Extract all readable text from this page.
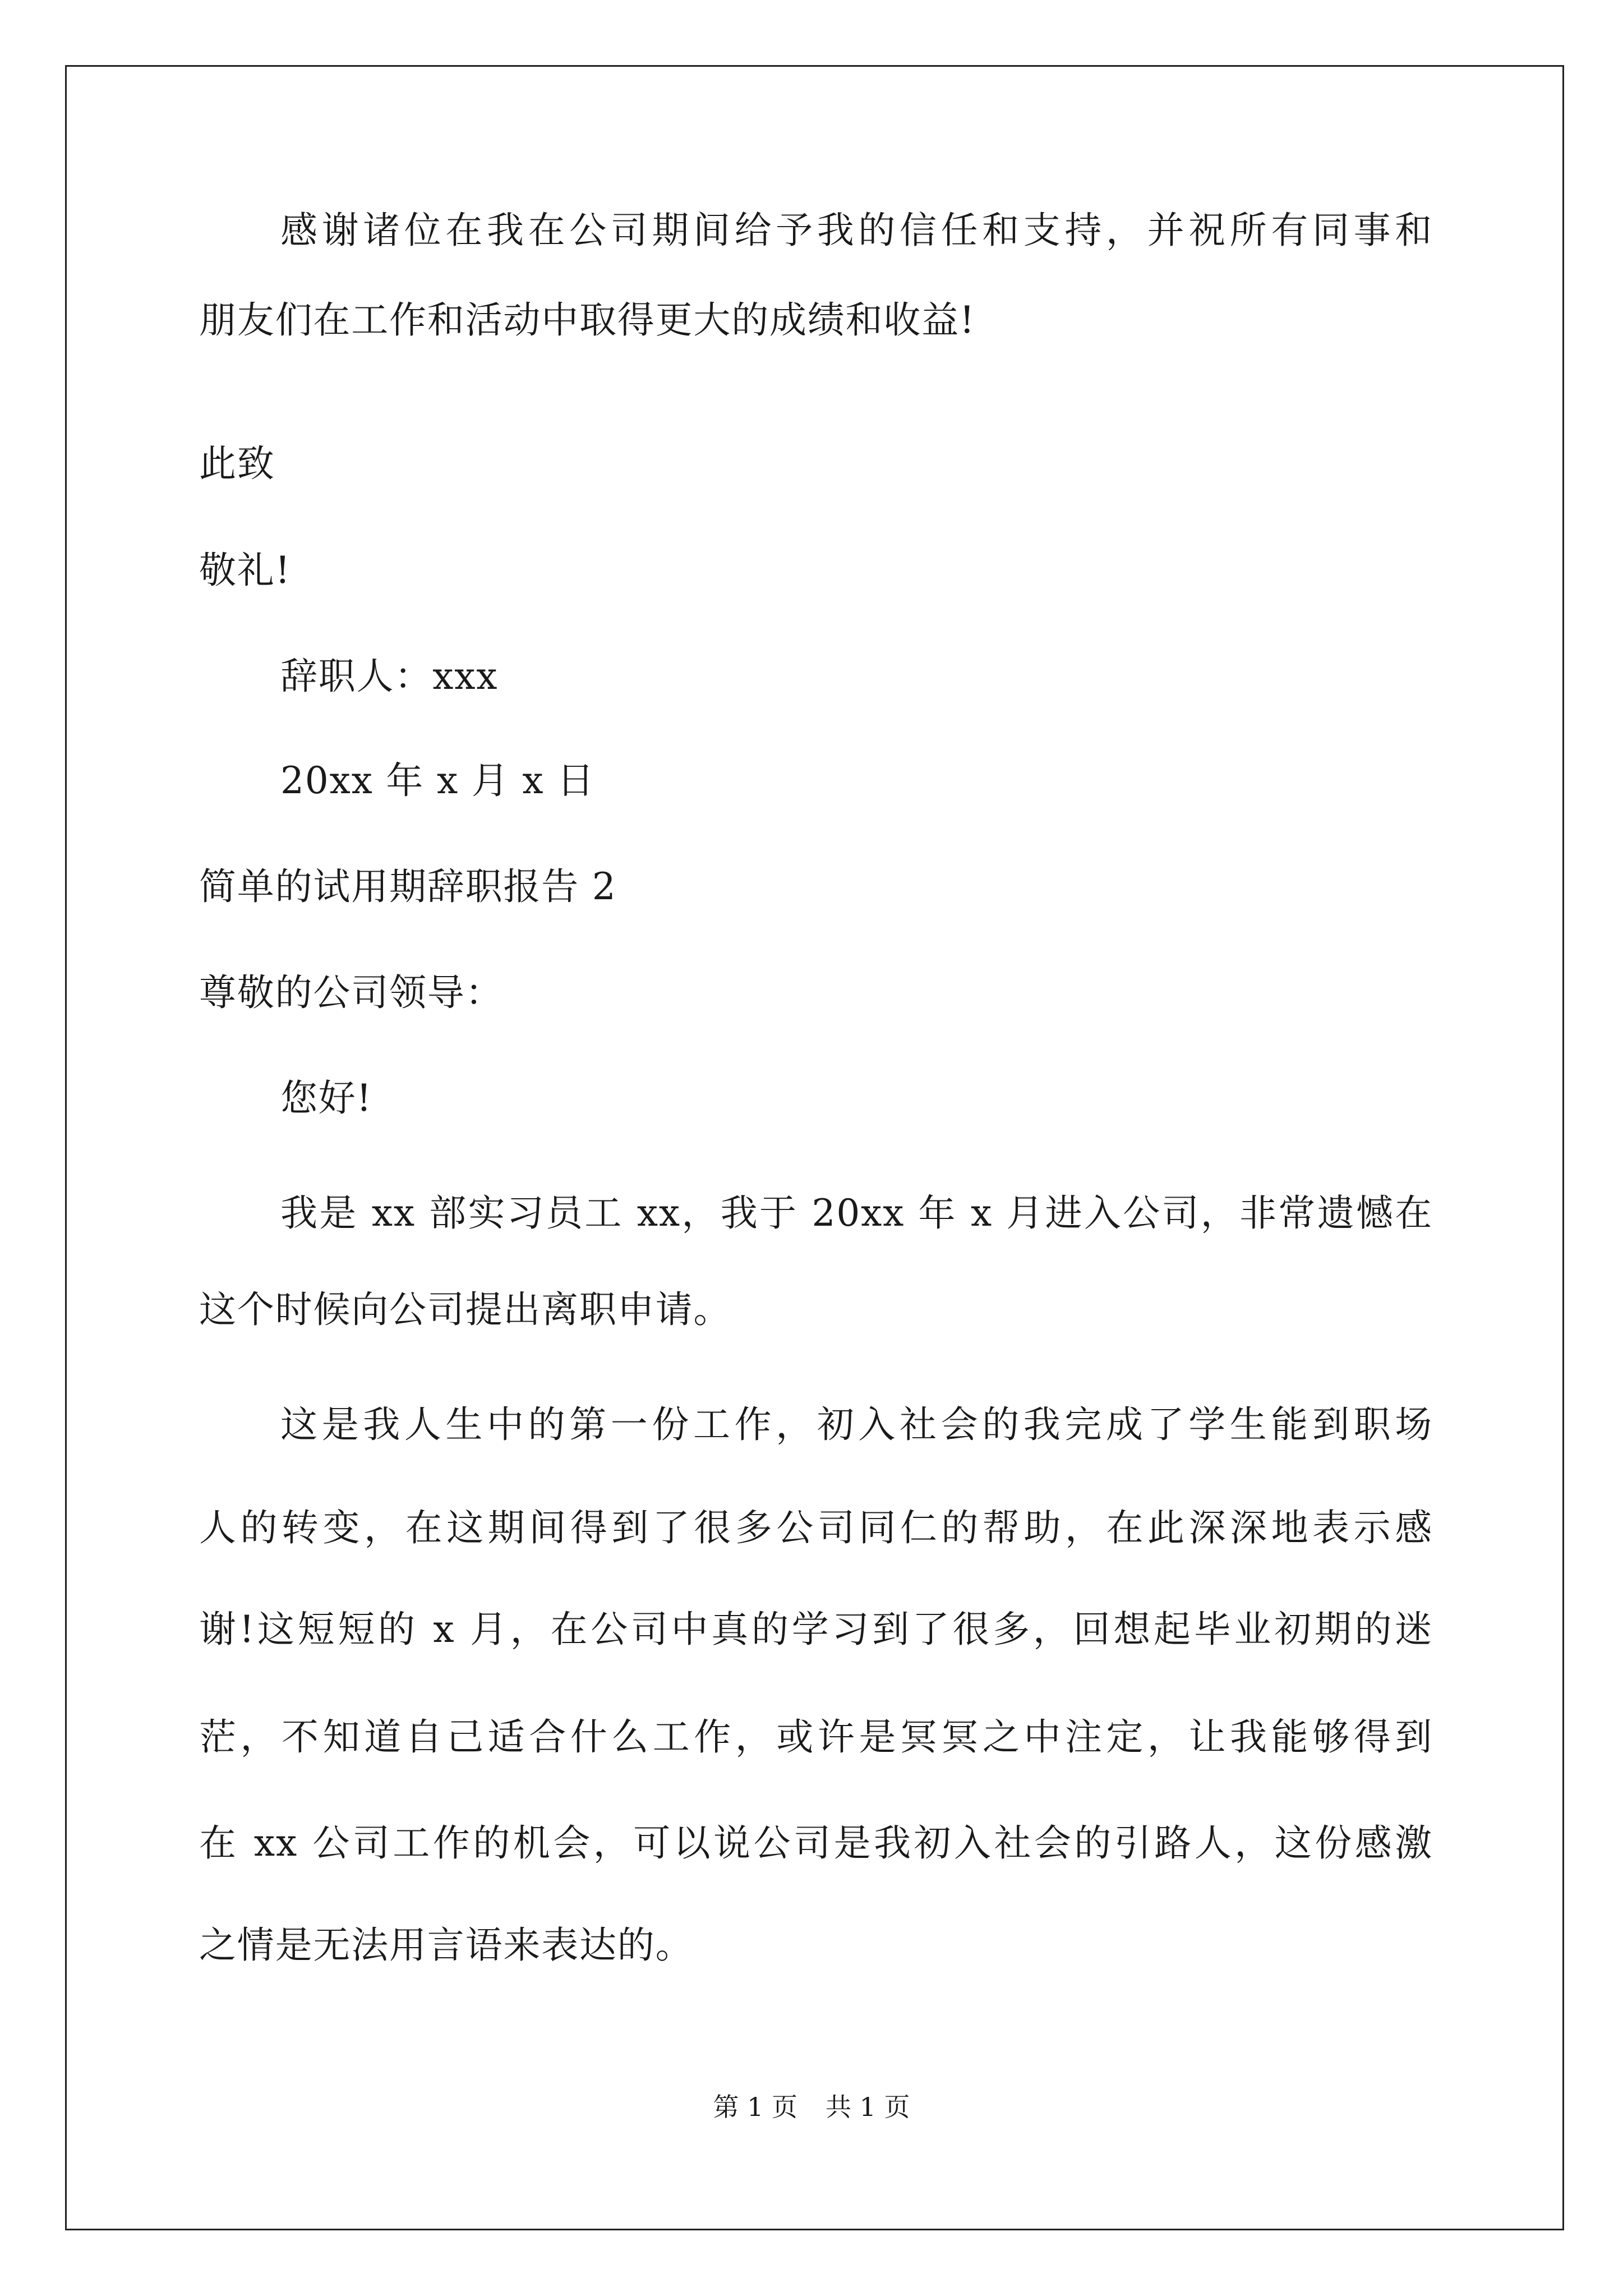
感谢诸位在我在公司期间给予我的信任和支持，并祝所有同事和

朋友们在工作和活动中取得更大的成绩和收益!

此致

敬礼!

辞职人：xxx

20xx 年 x 月 x 日

简单的试用期辞职报告 2

尊敬的公司领导：

您好!

我是 xx 部实习员工 xx，我于 20xx 年 x 月进入公司，非常遗憾在

这个时候向公司提出离职申请。

这是我人生中的第一份工作，初入社会的我完成了学生能到职场

人的转变，在这期间得到了很多公司同仁的帮助，在此深深地表示感

谢!这短短的 x 月，在公司中真的学习到了很多，回想起毕业初期的迷

茫，不知道自己适合什么工作，或许是冥冥之中注定，让我能够得到

在 xx 公司工作的机会，可以说公司是我初入社会的引路人，这份感激

之情是无法用言语来表达的。

第 1 页 共 1 页
